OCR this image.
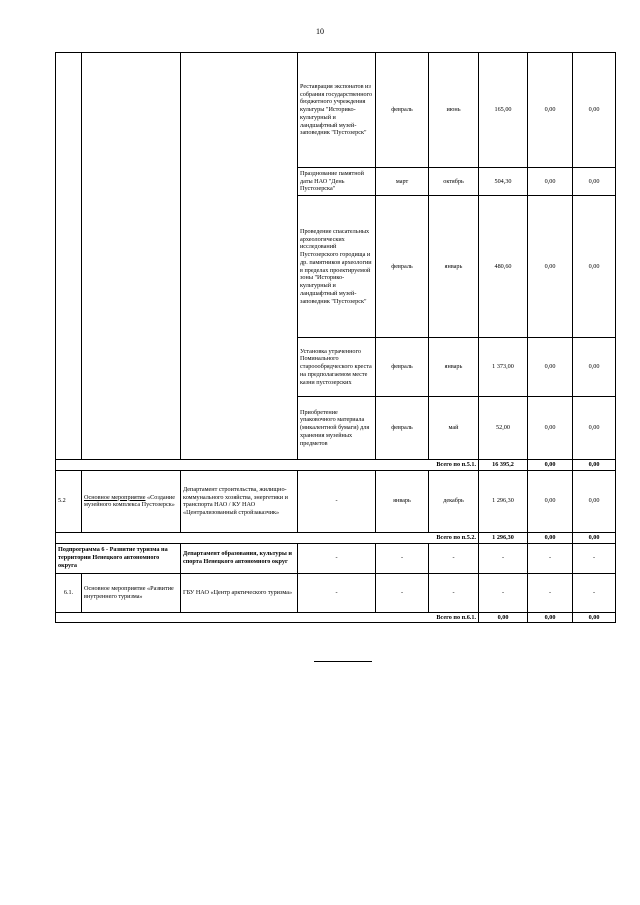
10
			Реставрация экспонатов из собрания государственного бюджетного учреждения культуры "Историко-культурный и ландшафтный музей-заповедник "Пустозерск"	февраль	июнь	165,00	0,00	0,00
			Празднование памятной даты НАО "День Пустозерска"	март	октябрь	504,30	0,00	0,00
			Проведение спасательных археологических исследований Пустозерского городища и др. памятников археологии в пределах проектируемой зоны "Историко-культурный и ландшафтный музей-заповедник "Пустозерск"	февраль	январь	480,60	0,00	0,00
			Установка утраченного Поминального староообрядческого креста на предполагаемом месте казни пустозерских	февраль	январь	1 373,00	0,00	0,00
			Приобретение упаковочного материала (микалентной бумаги) для хранения музейных предметов	февраль	май	52,00	0,00	0,00
Всего по п.5.1.						16 395,2	0,00	0,00
5.2	Основное мероприятие «Создание музейного комплекса Пустозерск»	Департамент строительства, жилищно-коммунального хозяйства, энергетики и транспорта НАО / КУ НАО «Централизованный стройзаказчик»	-	январь	декабрь	1 296,30	0,00	0,00
Всего по п.5.2.						1 296,30	0,00	0,00
Подпрограмма 6 - Развитие туризма на территории Ненецкого автономного округа		Департамент образования, культуры и спорта Ненецкого автономного округ	-	-	-	-	-	-
6.1.	Основное мероприятие «Развитие внутреннего туризма»	ГБУ НАО «Центр арктического туризма»	-	-	-	-	-	-
Всего по п.6.1.						0,00	0,00	0,00
